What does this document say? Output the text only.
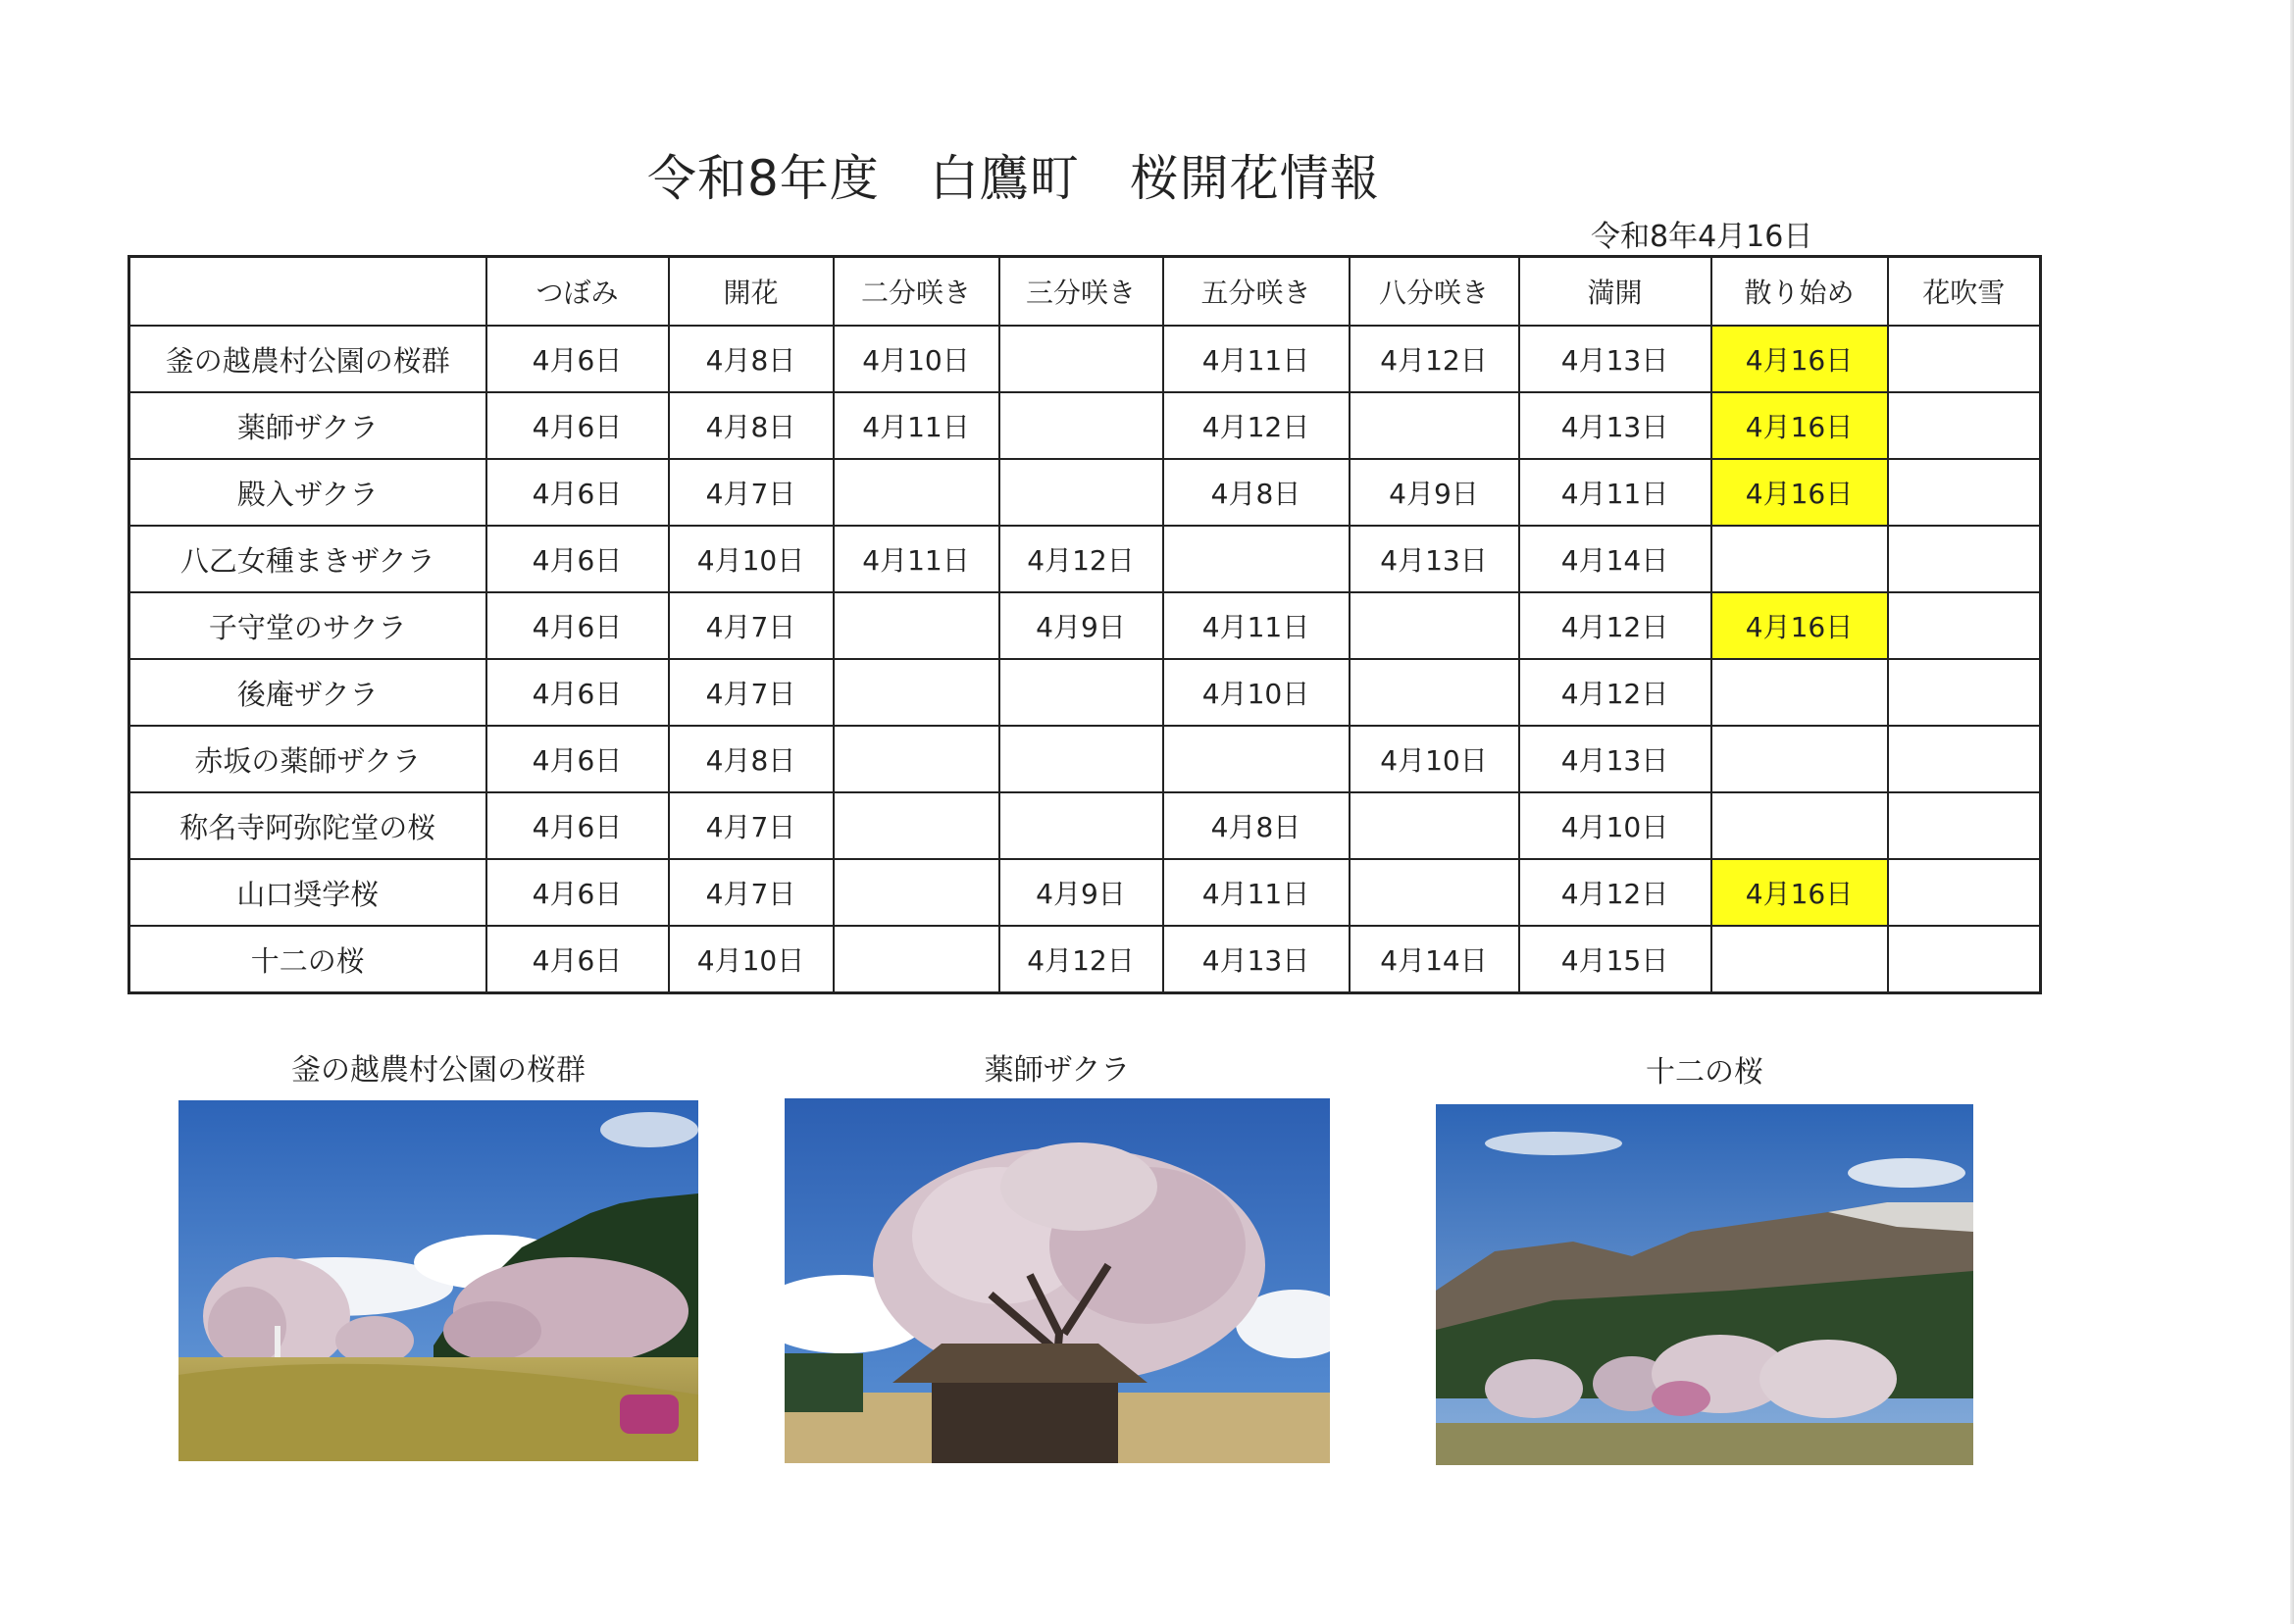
令和8年度　白鷹町　桜開花情報
令和8年4月16日
	つぼみ	開花	二分咲き	三分咲き	五分咲き	八分咲き	満開	散り始め	花吹雪
釜の越農村公園の桜群	4月6日	4月8日	4月10日		4月11日	4月12日	4月13日	4月16日	
薬師ザクラ	4月6日	4月8日	4月11日		4月12日		4月13日	4月16日	
殿入ザクラ	4月6日	4月7日			4月8日	4月9日	4月11日	4月16日	
八乙女種まきザクラ	4月6日	4月10日	4月11日	4月12日		4月13日	4月14日		
子守堂のサクラ	4月6日	4月7日		4月9日	4月11日		4月12日	4月16日	
後庵ザクラ	4月6日	4月7日			4月10日		4月12日		
赤坂の薬師ザクラ	4月6日	4月8日				4月10日	4月13日		
称名寺阿弥陀堂の桜	4月6日	4月7日			4月8日		4月10日		
山口奨学桜	4月6日	4月7日		4月9日	4月11日		4月12日	4月16日	
十二の桜	4月6日	4月10日		4月12日	4月13日	4月14日	4月15日		
釜の越農村公園の桜群	薬師ザクラ	十二の桜
